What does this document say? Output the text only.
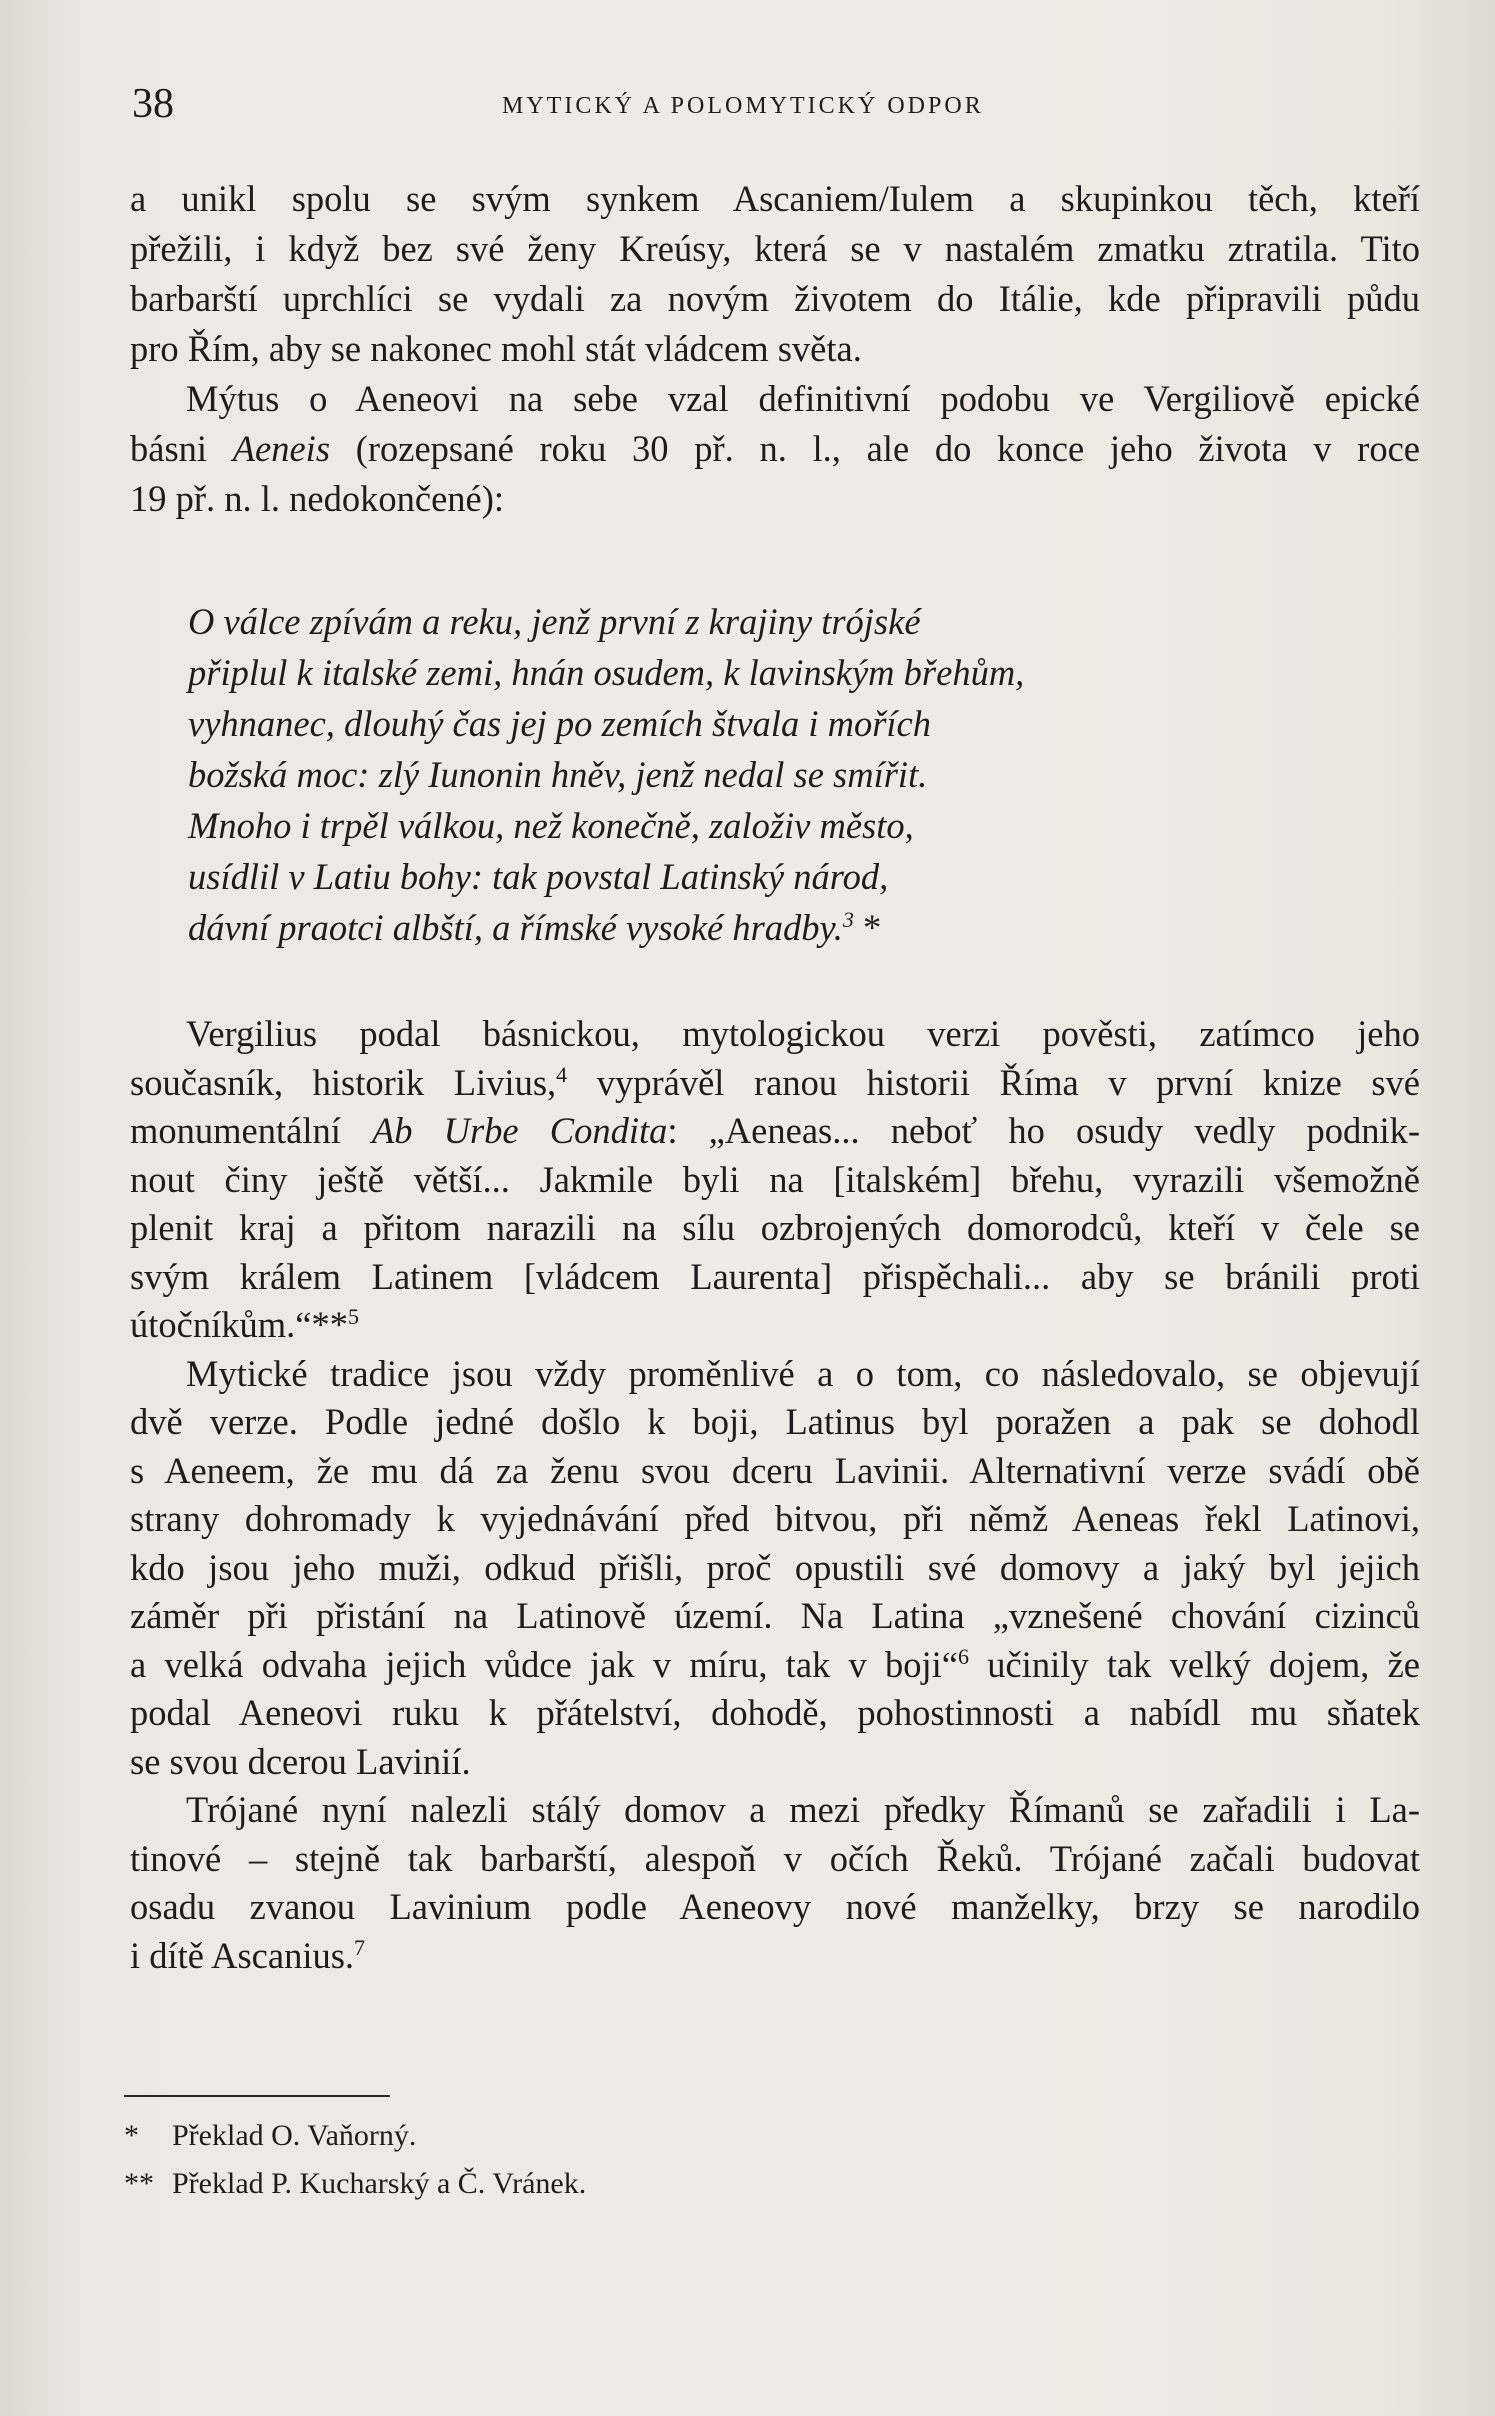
38	MYTICKÝ A POLOMYTICKÝ ODPOR

a unikl spolu se svým synkem Ascaniem/Iulem a skupinkou těch, kteří
přežili, i když bez své ženy Kreúsy, která se v nastalém zmatku ztratila. Tito
barbarští uprchlíci se vydali za novým životem do Itálie, kde připravili půdu
pro Řím, aby se nakonec mohl stát vládcem světa.

Mýtus o Aeneovi na sebe vzal definitivní podobu ve Vergiliově epické
básni Aeneis (rozepsané roku 30 př. n. l., ale do konce jeho života v roce
19 př. n. l. nedokončené):

O válce zpívám a reku, jenž první z krajiny trójské
připlul k italské zemi, hnán osudem, k lavinským břehům,
vyhnanec, dlouhý čas jej po zemích štvala i mořích
božská moc: zlý Iunonin hněv, jenž nedal se smířit.
Mnoho i trpěl válkou, než konečně, založiv město,
usídlil v Latiu bohy: tak povstal Latinský národ,
dávní praotci albští, a římské vysoké hradby.$^3$ *
Vergilius podal básnickou, mytologickou verzi pověsti, zatímco jeho
současník, historik Livius,$^4$ vyprávěl ranou historii Říma v první knize své
monumentální Ab Urbe Condita: „Aeneas... neboť ho osudy vedly podnik-
nout činy ještě větší... Jakmile byli na [italském] břehu, vyrazili všemožně
plenit kraj a přitom narazili na sílu ozbrojených domorodců, kteří v čele se
svým králem Latinem [vládcem Laurenta] přispěchali... aby se bránili proti
útočníkům.“**$^5$
Mytické tradice jsou vždy proměnlivé a o tom, co následovalo, se objevují
dvě verze. Podle jedné došlo k boji, Latinus byl poražen a pak se dohodl
s Aeneem, že mu dá za ženu svou dceru Lavinii. Alternativní verze svádí obě
strany dohromady k vyjednávání před bitvou, při němž Aeneas řekl Latinovi,
kdo jsou jeho muži, odkud přišli, proč opustili své domovy a jaký byl jejich
záměr při přistání na Latinově území. Na Latina „vznešené chování cizinců
a velká odvaha jejich vůdce jak v míru, tak v boji“$^6$ učinily tak velký dojem, že
podal Aeneovi ruku k přátelství, dohodě, pohostinnosti a nabídl mu sňatek
se svou dcerou Lavinií.
Trójané nyní nalezli stálý domov a mezi předky Římanů se zařadili i La-
tinové – stejně tak barbarští, alespoň v očích Řeků. Trójané začali budovat
osadu zvanou Lavinium podle Aeneovy nové manželky, brzy se narodilo
i dítě Ascanius.$^7$
* Překlad O. Vaňorný.
** Překlad P. Kucharský a Č. Vránek.
